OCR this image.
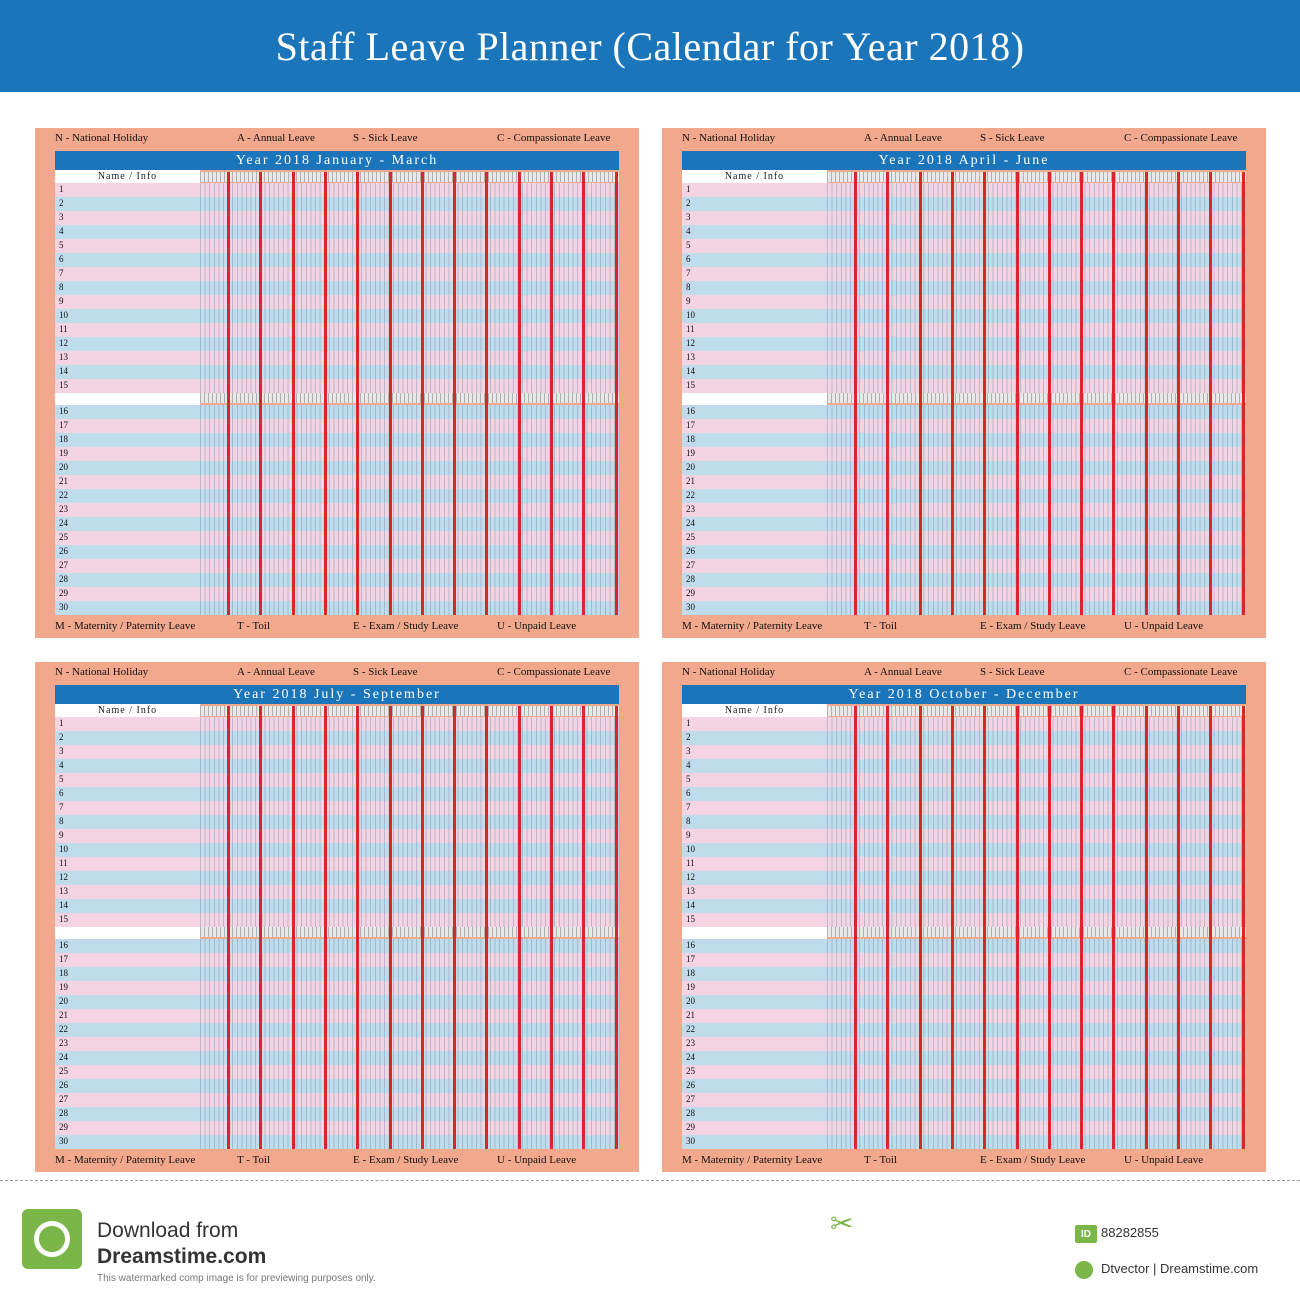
Staff Leave Planner (Calendar for Year 2018)
N - National Holiday	A - Annual Leave	S - Sick Leave	C - Compassionate Leave
Year 2018 January - March
Name / Info
1
2
3
4
5
6
7
8
9
10
11
12
13
14
15
16
17
18
19
20
21
22
23
24
25
26
27
28
29
30
M - Maternity / Paternity Leave	T - Toil	E - Exam / Study Leave	U - Unpaid Leave
N - National Holiday	A - Annual Leave	S - Sick Leave	C - Compassionate Leave
Year 2018 April - June
Name / Info
1
2
3
4
5
6
7
8
9
10
11
12
13
14
15
16
17
18
19
20
21
22
23
24
25
26
27
28
29
30
M - Maternity / Paternity Leave	T - Toil	E - Exam / Study Leave	U - Unpaid Leave
N - National Holiday	A - Annual Leave	S - Sick Leave	C - Compassionate Leave
Year 2018 July - September
Name / Info
1
2
3
4
5
6
7
8
9
10
11
12
13
14
15
16
17
18
19
20
21
22
23
24
25
26
27
28
29
30
M - Maternity / Paternity Leave	T - Toil	E - Exam / Study Leave	U - Unpaid Leave
N - National Holiday	A - Annual Leave	S - Sick Leave	C - Compassionate Leave
Year 2018 October - December
Name / Info
1
2
3
4
5
6
7
8
9
10
11
12
13
14
15
16
17
18
19
20
21
22
23
24
25
26
27
28
29
30
M - Maternity / Paternity Leave	T - Toil	E - Exam / Study Leave	U - Unpaid Leave
Download from
Dreamstime.com
This watermarked comp image is for previewing purposes only.
✂	ID 88282855
Dtvector | Dreamstime.com
